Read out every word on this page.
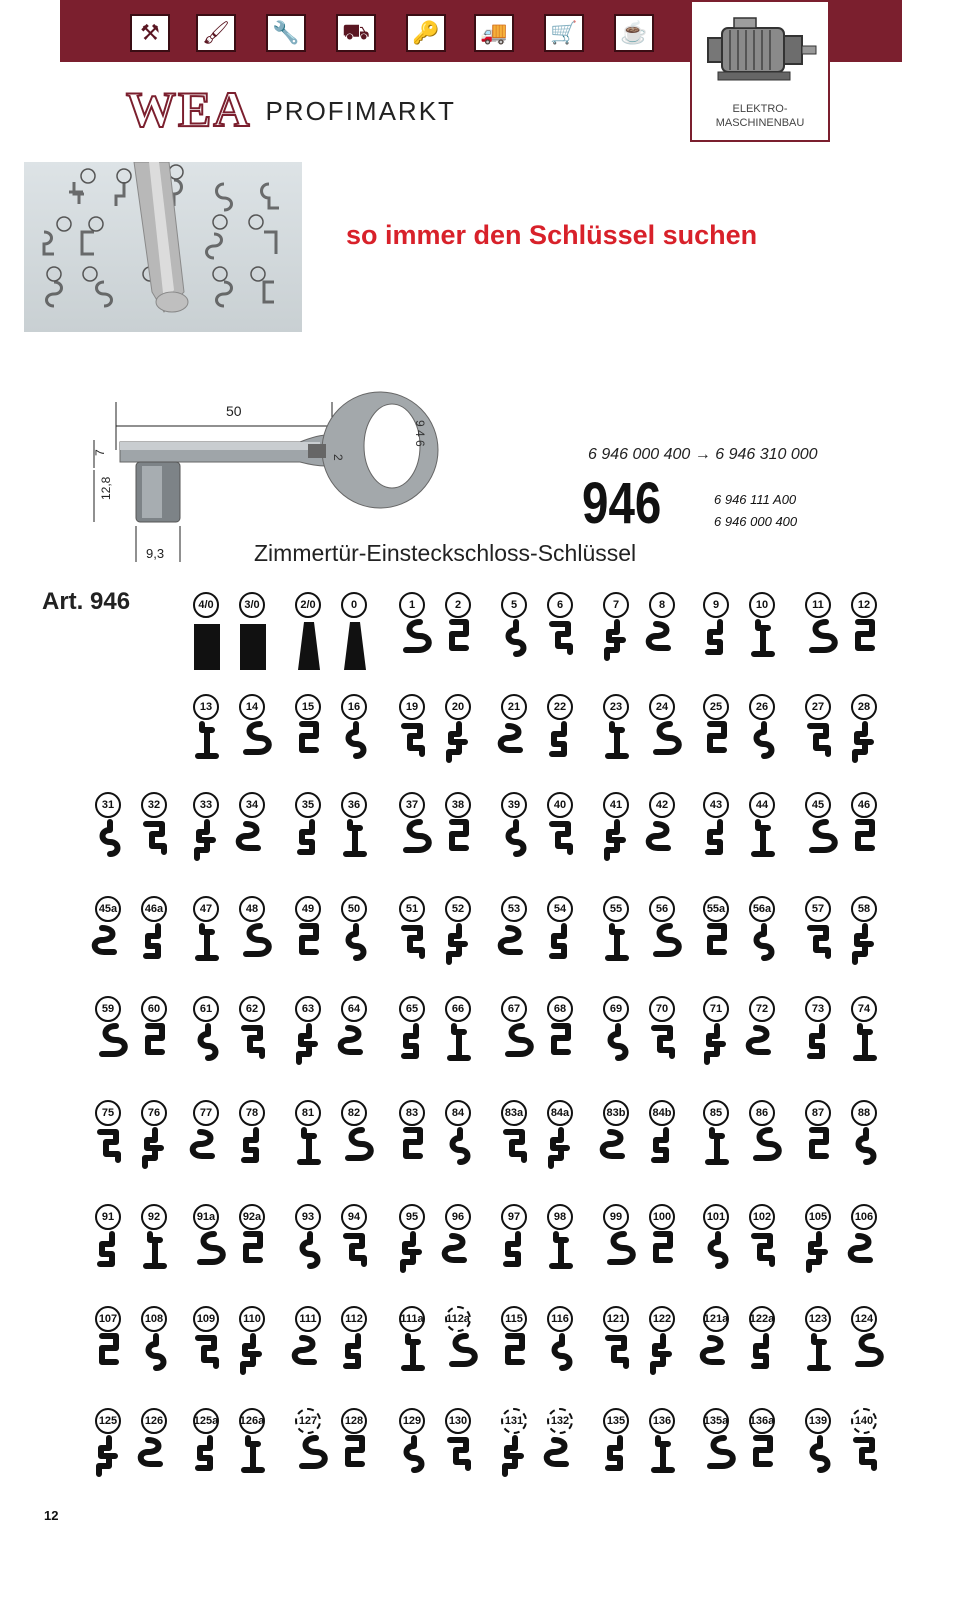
⚒	🖌 🔧 ⛟ 🔑 🚚 🛒 ☕
WEA PROFIMARKT	ELEKTRO-
MASCHINENBAU
so immer den Schlüssel suchen
50
7
12,8
9,3
2
9 4 6
6 946 000 400 → 6 946 310 000
946	6 946 111 A00
6 946 000 400
Zimmertür-Einsteckschloss-Schlüssel
Art. 946	4/0	3/0	2/0	0	1	2	5	6	7	8	9	10	11	12
13	14	15	16	19	20	21	22	23	24	25	26	27	28
31	32	33	34	35	36	37	38	39	40	41	42	43	44	45	46
45a	46a	47	48	49	50	51	52	53	54	55	56	55a	56a	57	58
59	60	61	62	63	64	65	66	67	68	69	70	71	72	73	74
75	76	77	78	81	82	83	84	83a	84a	83b	84b	85	86	87	88
91	92	91a	92a	93	94	95	96	97	98	99	100	101	102	105	106
107	108	109	110	111	112	111a 112a	115	116	121	122	121a 122a	123	124
125	126	125a 126a	127	128	129	130	131	132	135	136	135a 136a	139	140
12
